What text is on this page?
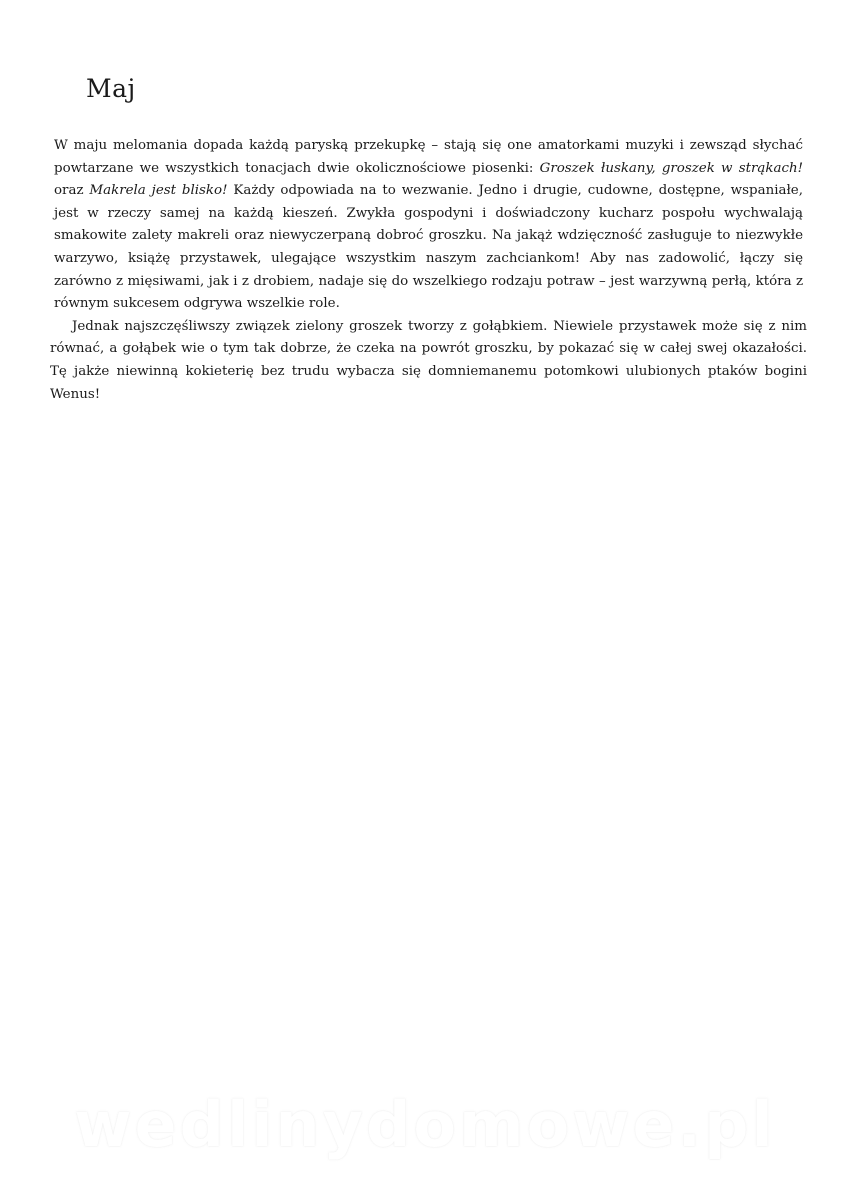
Maj

W maju melomania dopada każdą paryską przekupkę – stają się one amatorkami muzyki i zewsząd słychać powtarzane we wszystkich tonacjach dwie okolicznościowe piosenki: Groszek łuskany, groszek w strąkach! oraz Makrela jest blisko! Każdy odpowiada na to wezwanie. Jedno i drugie, cudowne, dostępne, wspaniałe, jest w rzeczy samej na każdą kieszeń. Zwykła gospodyni i doświadczony kucharz pospołu wychwalają smakowite zalety makreli oraz niewyczerpaną dobroć groszku. Na jakąż wdzięczność zasługuje to niezwykłe warzywo, książę przystawek, ulegające wszystkim naszym zachciankom! Aby nas zadowolić, łączy się zarówno z mięsiwami, jak i z drobiem, nadaje się do wszelkiego rodzaju potraw – jest warzywną perłą, która z równym sukcesem odgrywa wszelkie role.

Jednak najszczęśliwszy związek zielony groszek tworzy z gołąbkiem. Niewiele przystawek może się z nim równać, a gołąbek wie o tym tak dobrze, że czeka na powrót groszku, by pokazać się w całej swej okazałości. Tę jakże niewinną kokieterię bez trudu wybacza się domniemanemu potomkowi ulubionych ptaków bogini Wenus!

wedlinydomowe.pl
